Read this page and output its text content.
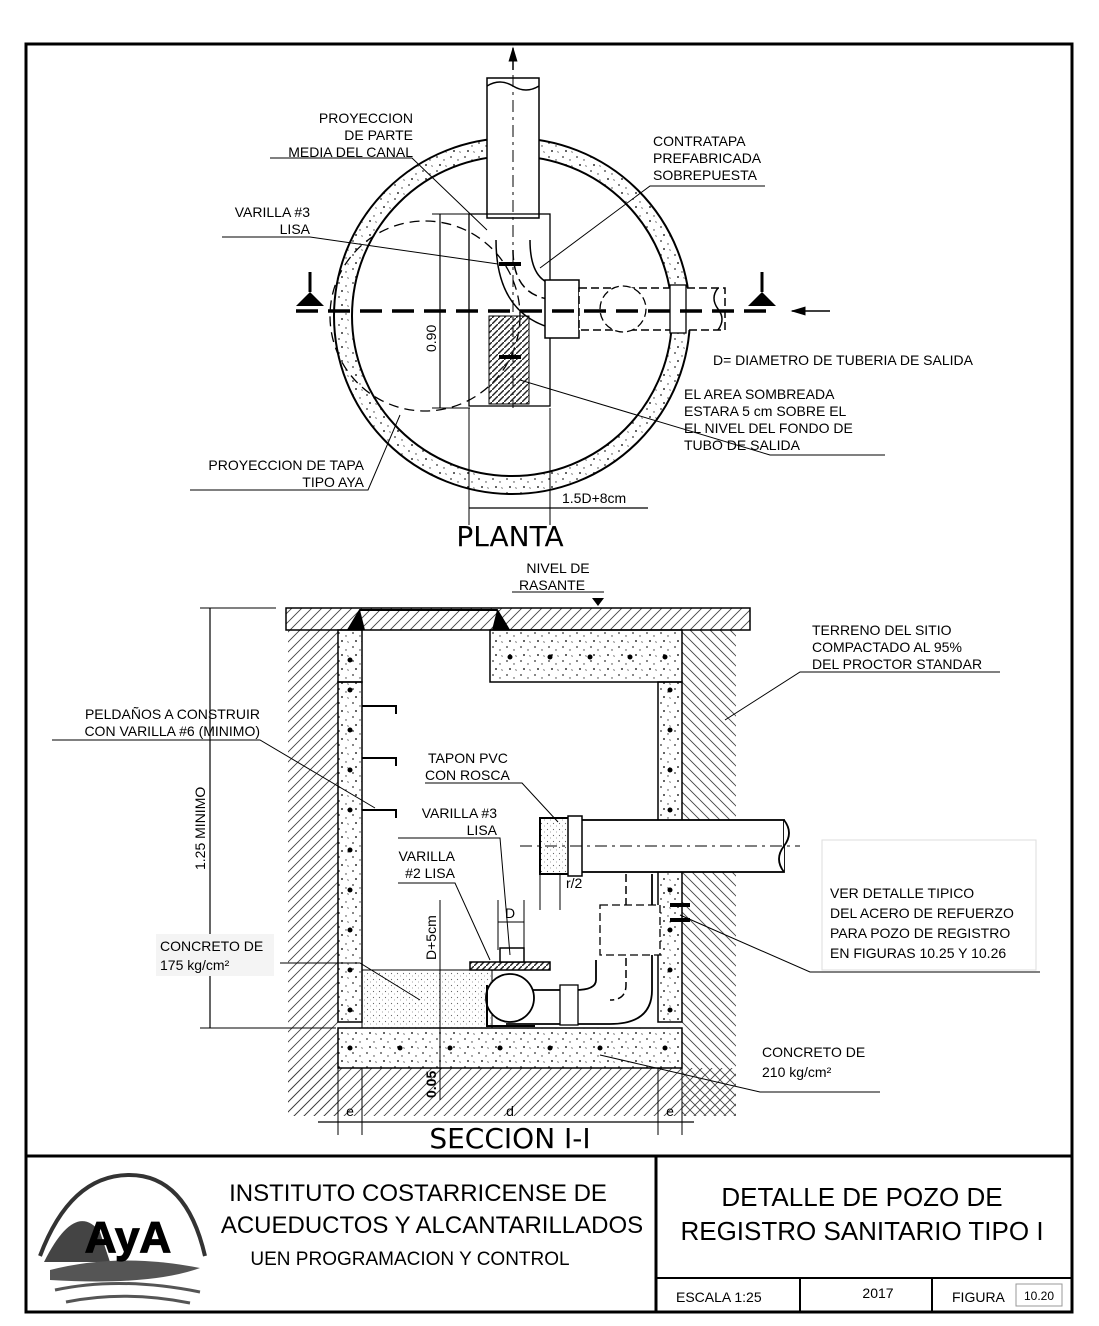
PROYECCION
DE PARTE
MEDIA DEL CANAL
VARILLA #3
LISA
CONTRATAPA
PREFABRICADA
SOBREPUESTA
0.90
D= DIAMETRO DE TUBERIA DE SALIDA
EL AREA SOMBREADA
ESTARA 5 cm SOBRE EL
EL NIVEL DEL FONDO DE
TUBO DE SALIDA
PROYECCION DE TAPA
TIPO AYA
1.5D+8cm
PLANTA
NIVEL DE
RASANTE
TERRENO DEL SITIO
COMPACTADO AL 95%
DEL PROCTOR STANDAR
PELDAÑOS A CONSTRUIR
CON VARILLA #6 (MINIMO)
1.25 MINIMO
TAPON PVC
CON ROSCA
VARILLA #3
LISA
VARILLA
#2 LISA
r/2
D
D+5cm
VER DETALLE TIPICO
DEL ACERO DE REFUERZO
PARA POZO DE REGISTRO
EN FIGURAS 10.25 Y 10.26
CONCRETO DE
175 kg/cm²
CONCRETO DE
210 kg/cm²
0.05
e	d	e
SECCION I-I
AyA
INSTITUTO COSTARRICENSE DE
ACUEDUCTOS Y ALCANTARILLADOS
UEN PROGRAMACION Y CONTROL
DETALLE DE POZO DE
REGISTRO SANITARIO TIPO I
ESCALA 1:25	2017	FIGURA 10.20
